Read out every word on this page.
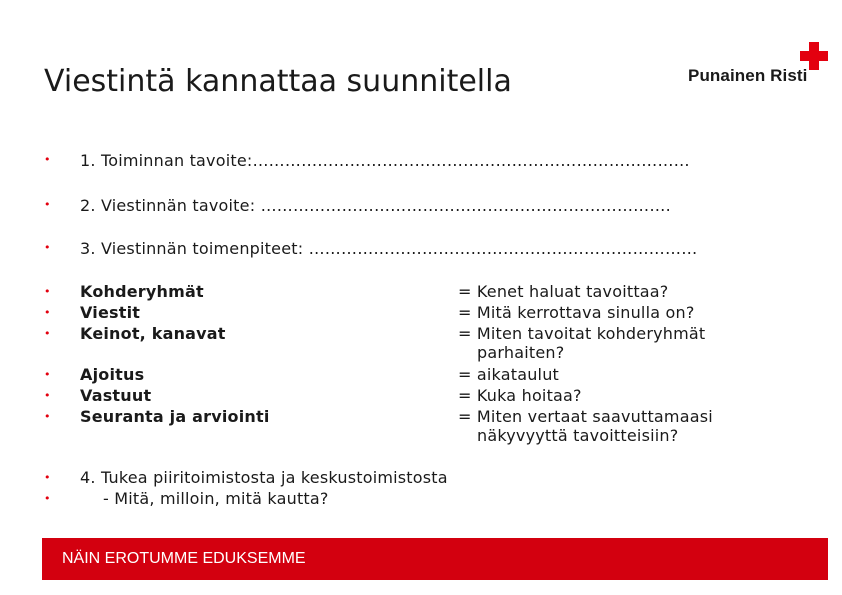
Viestintä kannattaa suunnitella	Punainen Risti
• 1. Toiminnan tavoite:………………………………………………………………………
• 2. Viestinnän tavoite: ………………………………………………………………….
• 3. Viestinnän toimenpiteet: ………………………………………………………………
• Kohderyhmät	= Kenet haluat tavoittaa?
• Viestit	= Mitä kerrottava sinulla on?
• Keinot, kanavat	= Miten tavoitat kohderyhmät
parhaiten?
• Ajoitus	= aikataulut
• Vastuut	= Kuka hoitaa?
• Seuranta ja arviointi	= Miten vertaat saavuttamaasi
näkyvyyttä tavoitteisiin?
• 4. Tukea piiritoimistosta ja keskustoimistosta
•	- Mitä, milloin, mitä kautta?
NÄIN EROTUMME EDUKSEMME
